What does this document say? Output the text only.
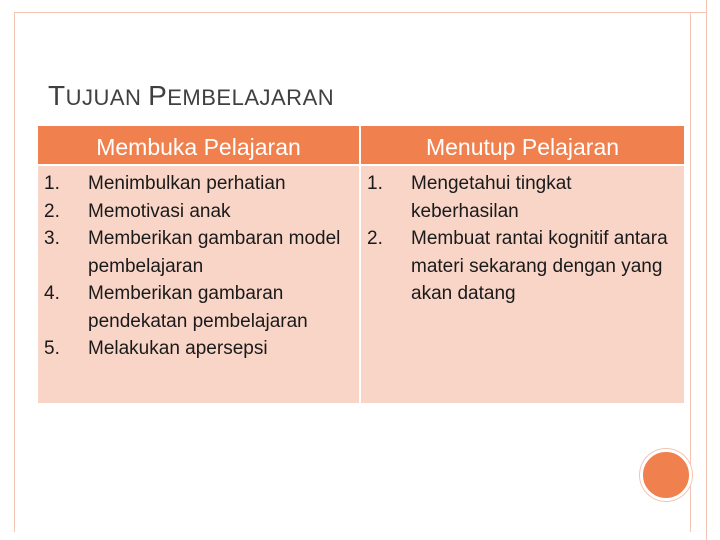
TUJUAN PEMBELAJARAN
Membuka Pelajaran	Menutup Pelajaran
1.	Menimbulkan perhatian
2.	Memotivasi anak
3.	Memberikan gambaran model pembelajaran
4.	Memberikan gambaran pendekatan pembelajaran
5.	Melakukan apersepsi
1.	Mengetahui tingkat keberhasilan
2.	Membuat rantai kognitif antara materi sekarang dengan yang akan datang
